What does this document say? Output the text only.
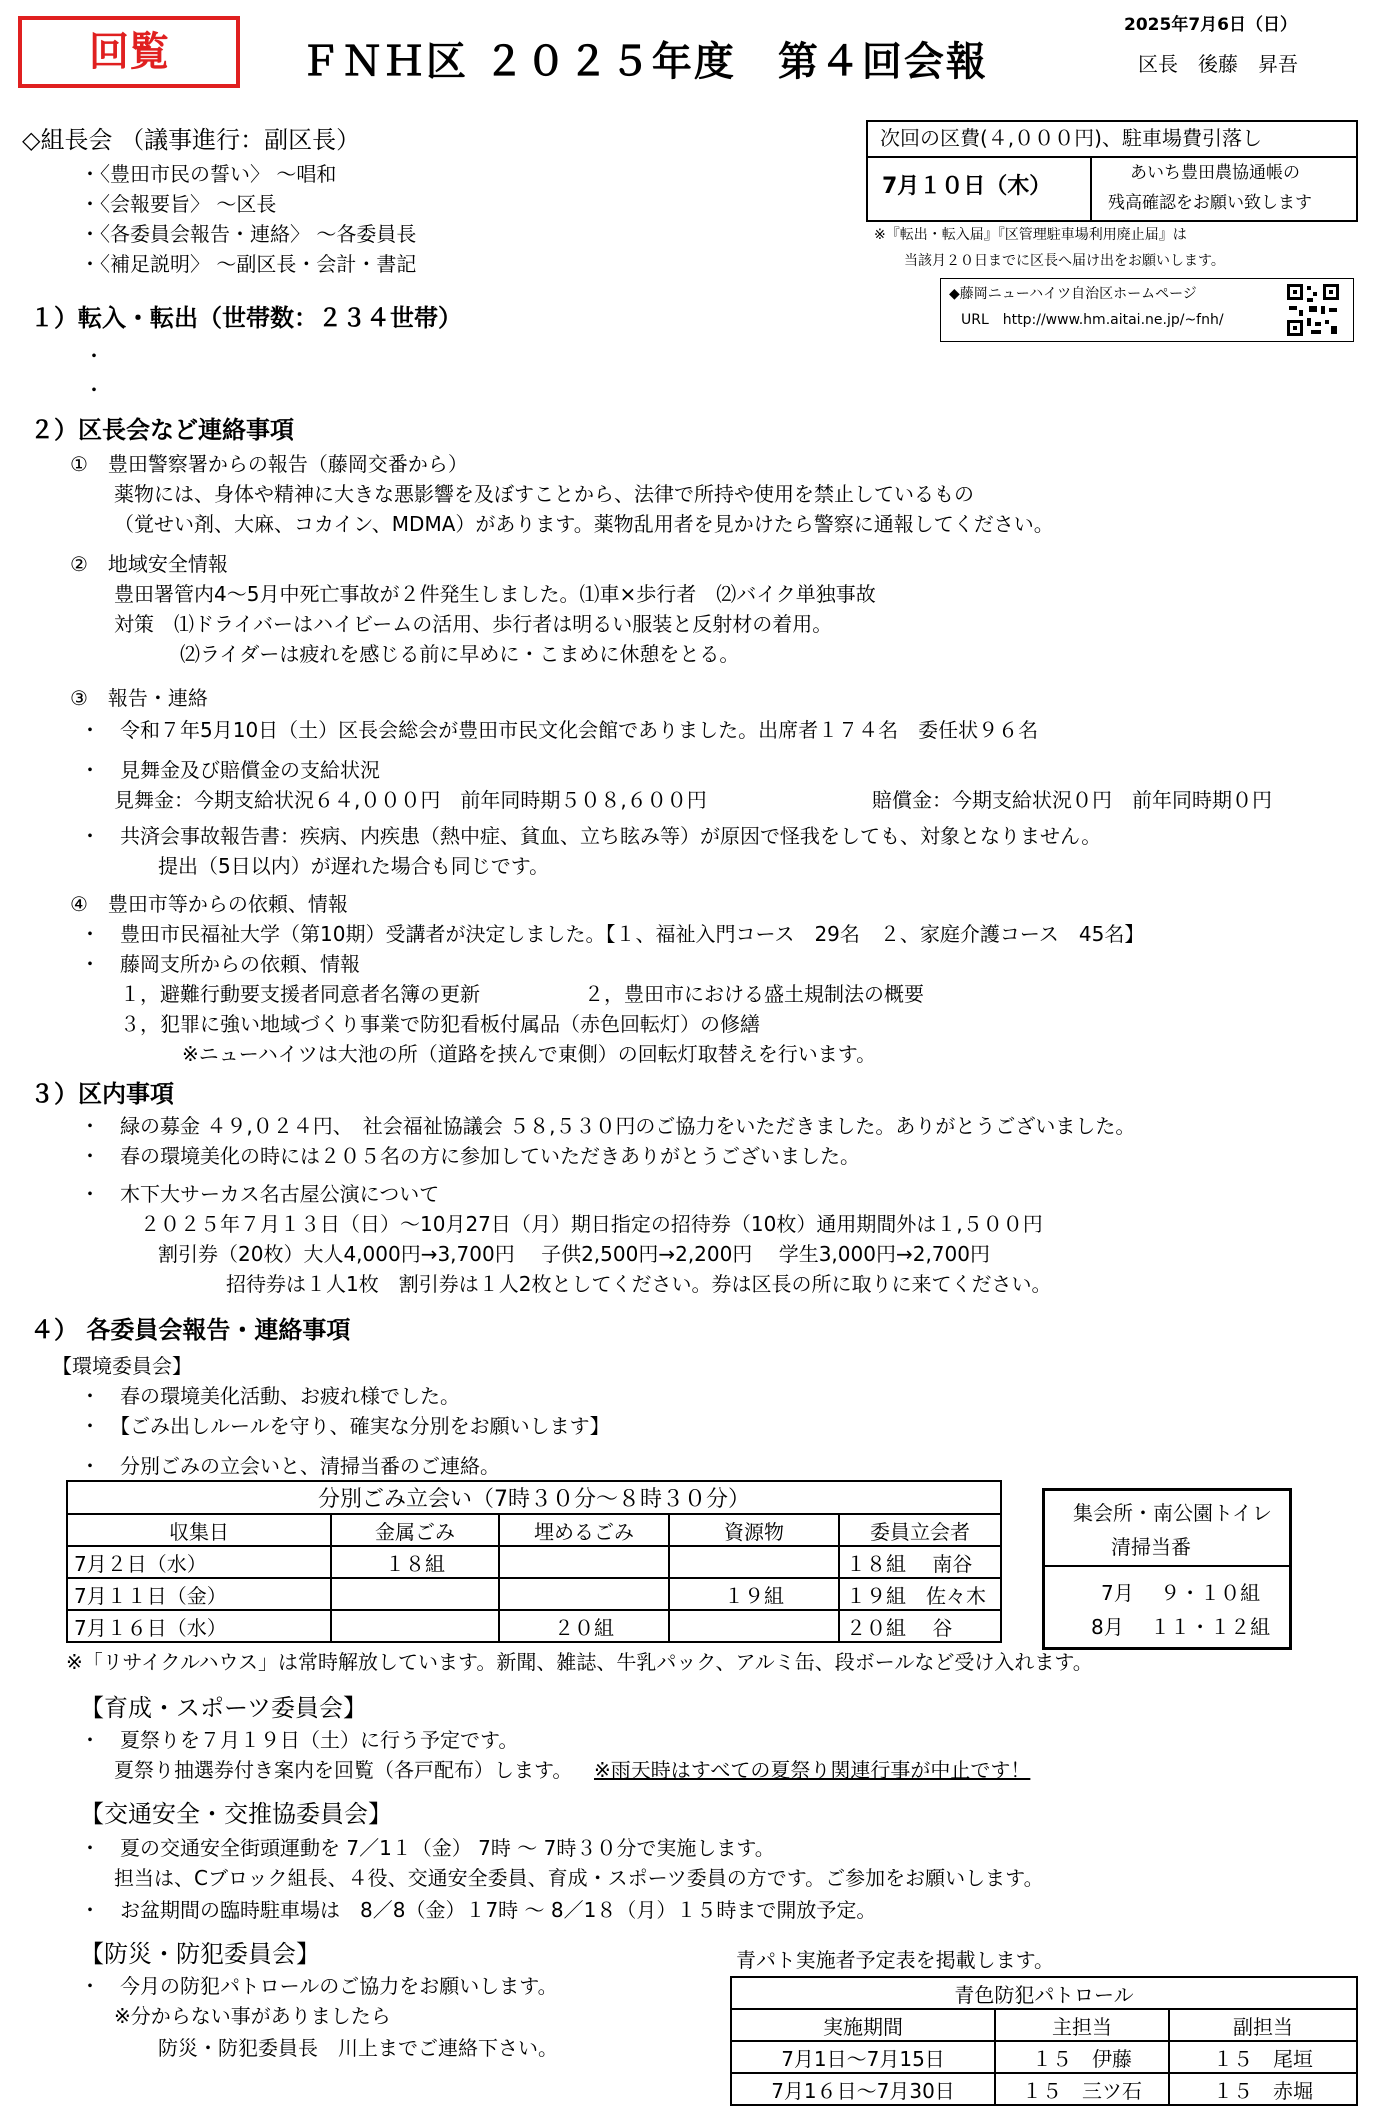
回覧	ＦＮＨ区 ２０２５年度　第４回会報
2025年7月6日（日）
区長　後藤　昇吾
次回の区費(４,０００円)、駐車場費引落し
7月１０日（木）
あいち豊田農協通帳の
残高確認をお願い致します
※『転出・転入届』『区管理駐車場利用廃止届』は
当該月２０日までに区長へ届け出をお願いします。
◆藤岡ニューハイツ自治区ホームページ
URL　http://www.hm.aitai.ne.jp/~fnh/
◇組長会 （議事進行：副区長）
・〈豊田市民の誓い〉 〜唱和
・〈会報要旨〉 〜区長
・〈各委員会報告・連絡〉 〜各委員長
・〈補足説明〉 〜副区長・会計・書記
１）転入・転出（世帯数：２３４世帯）
・
・
２）区長会など連絡事項
①　豊田警察署からの報告（藤岡交番から）
薬物には、身体や精神に大きな悪影響を及ぼすことから、法律で所持や使用を禁止しているもの
（覚せい剤、大麻、コカイン、MDMA）があります。薬物乱用者を見かけたら警察に通報してください。
②　地域安全情報
豊田署管内4〜5月中死亡事故が２件発生しました。⑴車×歩行者　⑵バイク単独事故
対策　⑴ドライバーはハイビームの活用、歩行者は明るい服装と反射材の着用。
⑵ライダーは疲れを感じる前に早めに・こまめに休憩をとる。
③　報告・連絡
・　令和７年5月10日（土）区長会総会が豊田市民文化会館でありました。出席者１７４名　委任状９６名
・　見舞金及び賠償金の支給状況
見舞金：今期支給状況６４,０００円　前年同時期５０８,６００円	賠償金：今期支給状況０円　前年同時期０円
・　共済会事故報告書：疾病、内疾患（熱中症、貧血、立ち眩み等）が原因で怪我をしても、対象となりません。
提出（5日以内）が遅れた場合も同じです。
④　豊田市等からの依頼、情報
・　豊田市民福祉大学（第10期）受講者が決定しました。【１、福祉入門コース　29名　２、家庭介護コース　45名】
・　藤岡支所からの依頼、情報
１，避難行動要支援者同意者名簿の更新	２，豊田市における盛土規制法の概要
３，犯罪に強い地域づくり事業で防犯看板付属品（赤色回転灯）の修繕
※ニューハイツは大池の所（道路を挟んで東側）の回転灯取替えを行います。
３）区内事項
・　緑の募金 ４９,０２４円、　社会福祉協議会 ５８,５３０円のご協力をいただきました。ありがとうございました。
・　春の環境美化の時には２０５名の方に参加していただきありがとうございました。
・　木下大サーカス名古屋公演について
２０２５年７月１３日（日）〜10月27日（月）期日指定の招待券（10枚）通用期間外は１,５００円
割引券（20枚）大人4,000円→3,700円　 子供2,500円→2,200円　 学生3,000円→2,700円
招待券は１人1枚　割引券は１人2枚としてください。券は区長の所に取りに来てください。
４） 各委員会報告・連絡事項
【環境委員会】
・　春の環境美化活動、お疲れ様でした。
・　【ごみ出しルールを守り、確実な分別をお願いします】
・　分別ごみの立会いと、清掃当番のご連絡。
分別ごみ立会い（7時３０分〜８時３０分）				
収集日	金属ごみ	埋めるごみ	資源物	委員立会者
7月２日（水）	１８組			１８組　 南谷
7月１１日（金）			１９組	１９組　佐々木
7月１６日（水）		２０組		２０組　 谷
集会所・南公園トイレ
清掃当番
7月　 ９・１０組
8月　 １１・１２組
※「リサイクルハウス」は常時解放しています。新聞、雑誌、牛乳パック、アルミ缶、段ボールなど受け入れます。
【育成・スポーツ委員会】
・　夏祭りを７月１９日（土）に行う予定です。
夏祭り抽選券付き案内を回覧（各戸配布）します。 ※雨天時はすべての夏祭り関連行事が中止です！
【交通安全・交推協委員会】
・　夏の交通安全街頭運動を 7／1１（金） 7時 〜 7時３０分で実施します。
担当は、Cブロック組長、４役、交通安全委員、育成・スポーツ委員の方です。ご参加をお願いします。
・　お盆期間の臨時駐車場は　8／8（金）１7時 〜 8／1８（月）１５時まで開放予定。
【防災・防犯委員会】
・　今月の防犯パトロールのご協力をお願いします。
※分からない事がありましたら
防災・防犯委員長　川上までご連絡下さい。
青パト実施者予定表を掲載します。
青色防犯パトロール		
実施期間	主担当	副担当
7月1日〜7月15日	１５　伊藤	１５　尾垣
7月1６日〜7月30日	１５　三ツ石	１５　赤堀
